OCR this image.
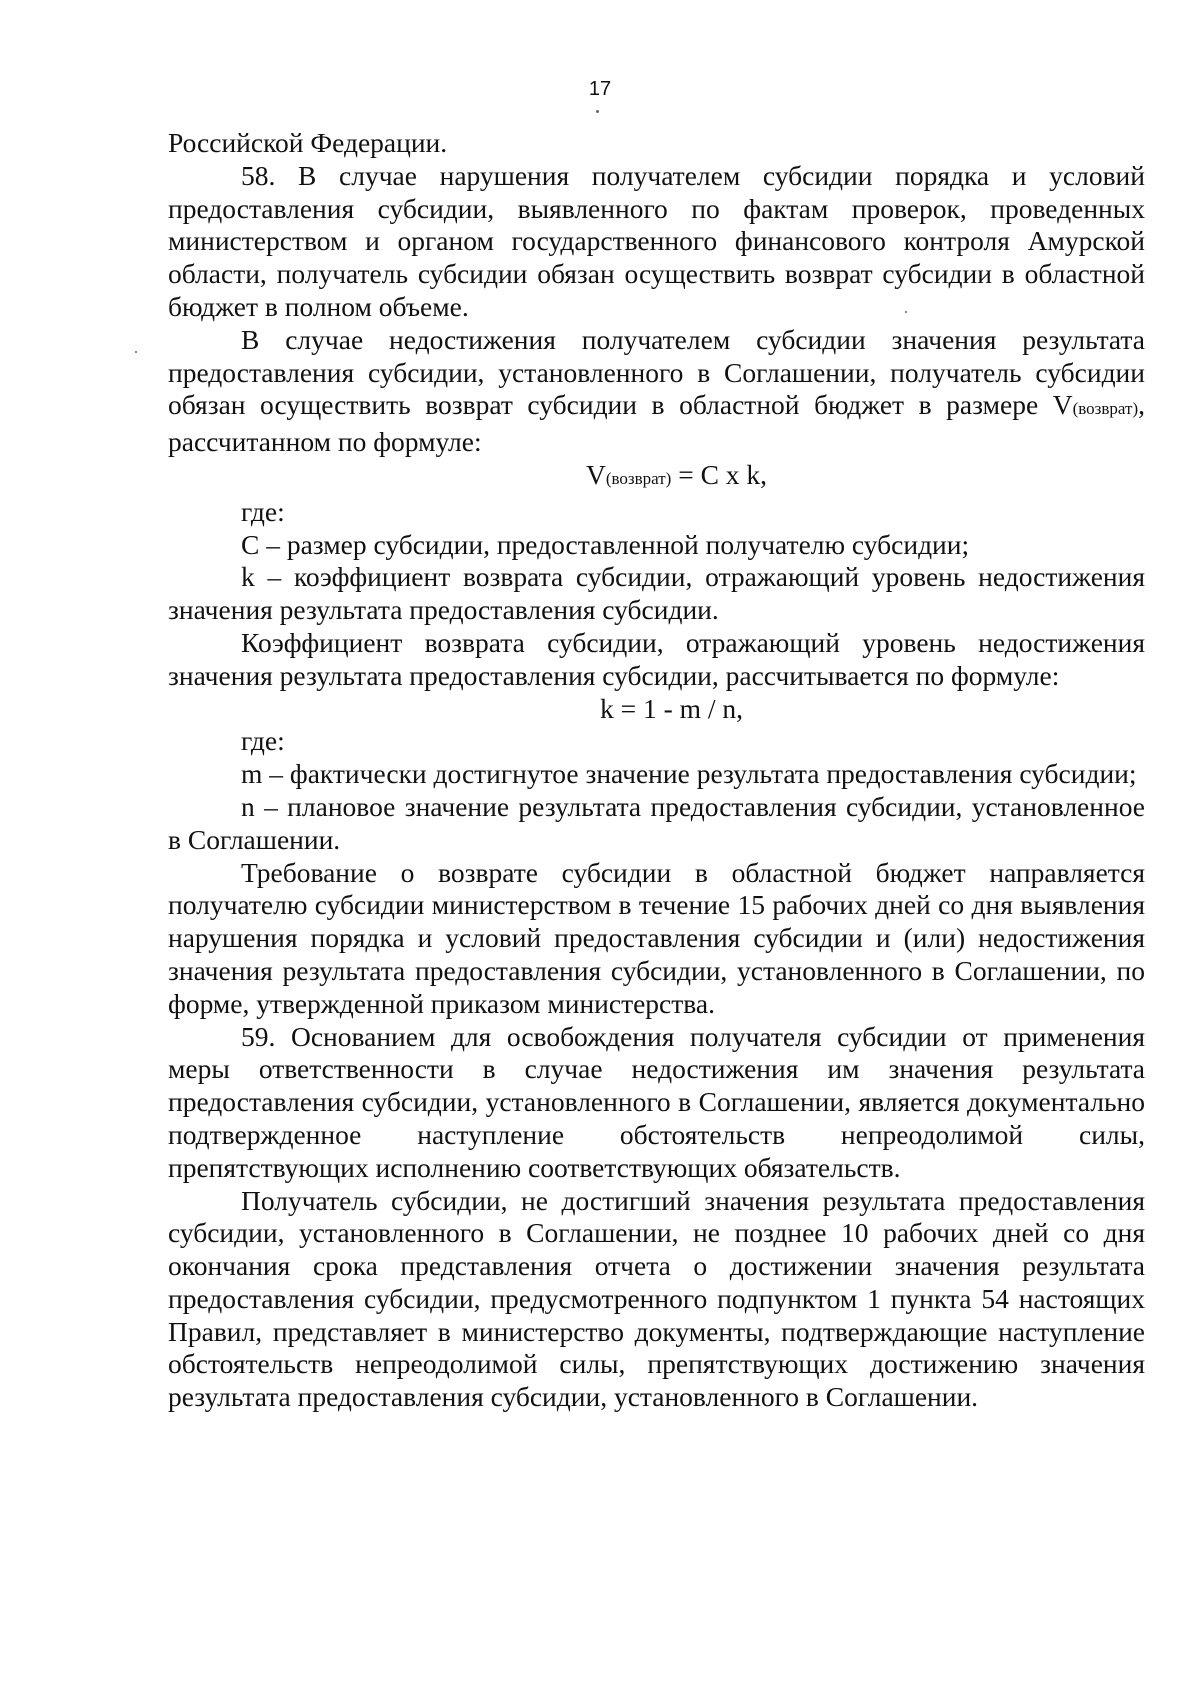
17

Российской Федерации.

58. В случае нарушения получателем субсидии порядка и условий предоставления субсидии, выявленного по фактам проверок, проведенных министерством и органом государственного финансового контроля Амурской области, получатель субсидии обязан осуществить возврат субсидии в областной бюджет в полном объеме.

В случае недостижения получателем субсидии значения результата предоставления субсидии, установленного в Соглашении, получатель субсидии обязан осуществить возврат субсидии в областной бюджет в размере V(возврат), рассчитанном по формуле:

V(возврат) = C x k,

где:

C – размер субсидии, предоставленной получателю субсидии;

k – коэффициент возврата субсидии, отражающий уровень недостижения значения результата предоставления субсидии.

Коэффициент возврата субсидии, отражающий уровень недостижения значения результата предоставления субсидии, рассчитывается по формуле:

k = 1 - m / n,

где:

m – фактически достигнутое значение результата предоставления субсидии;

n – плановое значение результата предоставления субсидии, установленное в Соглашении.

Требование о возврате субсидии в областной бюджет направляется получателю субсидии министерством в течение 15 рабочих дней со дня выявления нарушения порядка и условий предоставления субсидии и (или) недостижения значения результата предоставления субсидии, установленного в Соглашении, по форме, утвержденной приказом министерства.

59. Основанием для освобождения получателя субсидии от применения меры ответственности в случае недостижения им значения результата предоставления субсидии, установленного в Соглашении, является документально подтвержденное наступление обстоятельств непреодолимой силы, препятствующих исполнению соответствующих обязательств.

Получатель субсидии, не достигший значения результата предоставления субсидии, установленного в Соглашении, не позднее 10 рабочих дней со дня окончания срока представления отчета о достижении значения результата предоставления субсидии, предусмотренного подпунктом 1 пункта 54 настоящих Правил, представляет в министерство документы, подтверждающие наступление обстоятельств непреодолимой силы, препятствующих достижению значения результата предоставления субсидии, установленного в Соглашении.
